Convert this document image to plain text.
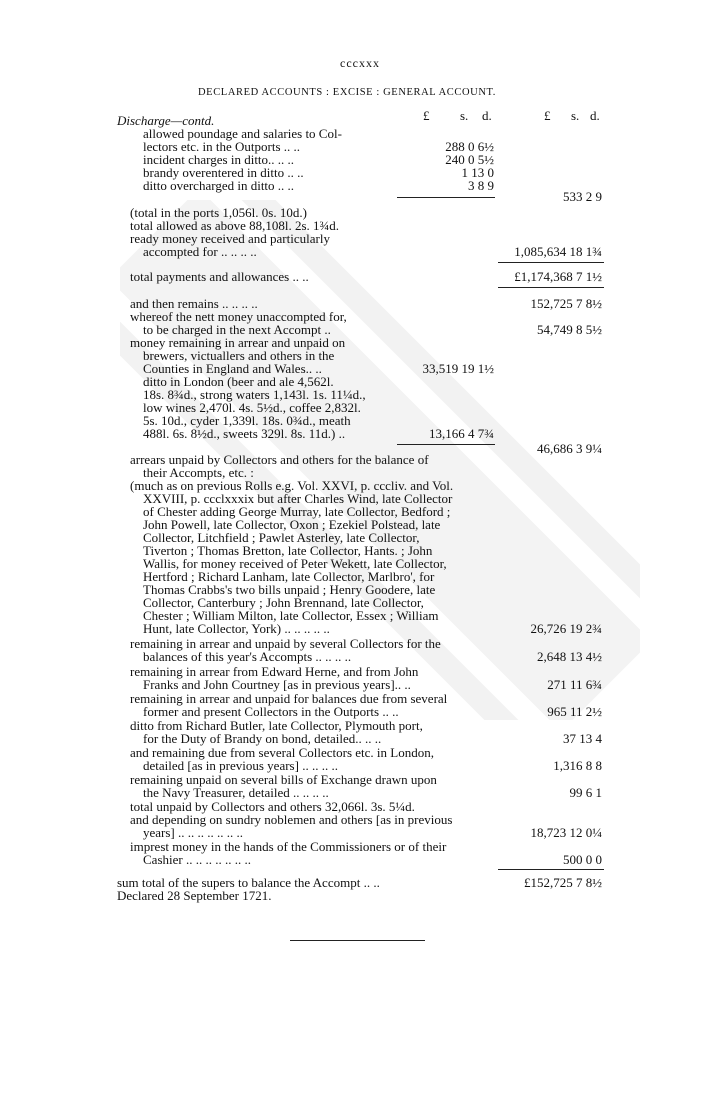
cccxxx
DECLARED ACCOUNTS : EXCISE : GENERAL ACCOUNT.
£ s. d.	£ s. d.
Discharge—contd.
allowed poundage and salaries to Col-
lectors etc. in the Outports .. ..
incident charges in ditto.. .. ..
brandy overentered in ditto .. ..
ditto overcharged in ditto .. ..
(total in the ports 1,056l. 0s. 10d.)
total allowed as above 88,108l. 2s. 1¾d.
ready money received and particularly
accompted for .. .. .. ..
total payments and allowances .. ..
and then remains .. .. .. ..
whereof the nett money unaccompted for,
to be charged in the next Accompt ..
money remaining in arrear and unpaid on
brewers, victuallers and others in the
Counties in England and Wales.. ..
ditto in London (beer and ale 4,562l.
18s. 8¾d., strong waters 1,143l. 1s. 11¼d.,
low wines 2,470l. 4s. 5½d., coffee 2,832l.
5s. 10d., cyder 1,339l. 18s. 0¾d., meath
488l. 6s. 8½d., sweets 329l. 8s. 11d.) ..
arrears unpaid by Collectors and others for the balance of
their Accompts, etc. :
(much as on previous Rolls e.g. Vol. XXVI, p. cccliv. and Vol.
XXVIII, p. ccclxxxix but after Charles Wind, late Collector
of Chester adding George Murray, late Collector, Bedford ;
John Powell, late Collector, Oxon ; Ezekiel Polstead, late
Collector, Litchfield ; Pawlet Asterley, late Collector,
Tiverton ; Thomas Bretton, late Collector, Hants. ; John
Wallis, for money received of Peter Wekett, late Collector,
Hertford ; Richard Lanham, late Collector, Marlbro', for
Thomas Crabbs's two bills unpaid ; Henry Goodere, late
Collector, Canterbury ; John Brennand, late Collector,
Chester ; William Milton, late Collector, Essex ; William
Hunt, late Collector, York) .. .. .. .. ..
remaining in arrear and unpaid by several Collectors for the
balances of this year's Accompts .. .. .. ..
remaining in arrear from Edward Herne, and from John
Franks and John Courtney [as in previous years].. ..
remaining in arrear and unpaid for balances due from several
former and present Collectors in the Outports .. ..
ditto from Richard Butler, late Collector, Plymouth port,
for the Duty of Brandy on bond, detailed.. .. ..
and remaining due from several Collectors etc. in London,
detailed [as in previous years] .. .. .. ..
remaining unpaid on several bills of Exchange drawn upon
the Navy Treasurer, detailed .. .. .. ..
total unpaid by Collectors and others 32,066l. 3s. 5¼d.
and depending on sundry noblemen and others [as in previous
years] .. .. .. .. .. .. ..
imprest money in the hands of the Commissioners or of their
Cashier .. .. .. .. .. .. ..
sum total of the supers to balance the Accompt .. ..
Declared 28 September 1721.
288 0 6½
240 0 5½
1 13 0
3 8 9
33,519 19 1½
13,166 4 7¾
533 2 9
1,085,634 18 1¾
£1,174,368 7 1½
152,725 7 8½
54,749 8 5½
46,686 3 9¼
26,726 19 2¾
2,648 13 4½
271 11 6¾
965 11 2½
37 13 4
1,316 8 8
99 6 1
18,723 12 0¼
500 0 0
£152,725 7 8½
